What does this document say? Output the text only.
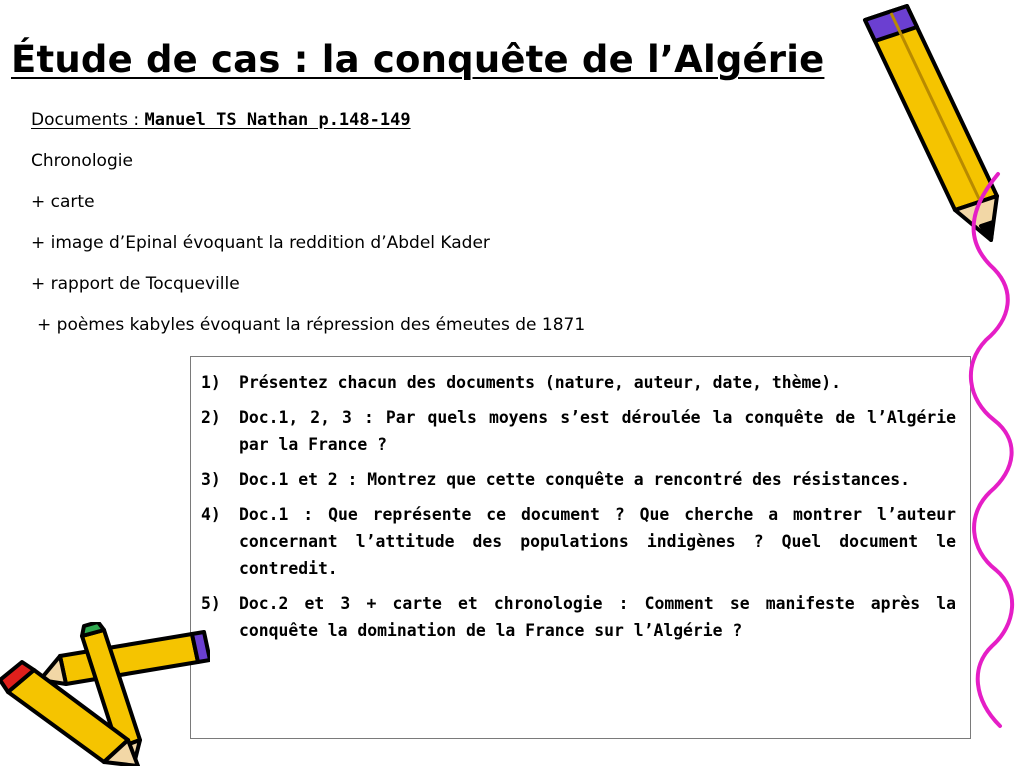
Étude de cas : la conquête de l’Algérie
Documents : Manuel TS Nathan p.148-149
Chronologie
+ carte
+ image d’Epinal évoquant la reddition d’Abdel Kader
+ rapport de Tocqueville
+ poèmes kabyles évoquant la répression des émeutes de 1871
1)	Présentez chacun des documents (nature, auteur, date, thème).
2)	Doc.1, 2, 3 : Par quels moyens s’est déroulée la conquête de l’Algérie par la France ?
3)	Doc.1 et 2 : Montrez que cette conquête a rencontré des résistances.
4)	Doc.1 : Que représente ce document ? Que cherche a montrer l’auteur concernant l’attitude des populations indigènes ? Quel document le contredit.
5)	Doc.2 et 3 + carte et chronologie : Comment se manifeste après la conquête la domination de la France sur l’Algérie ?
